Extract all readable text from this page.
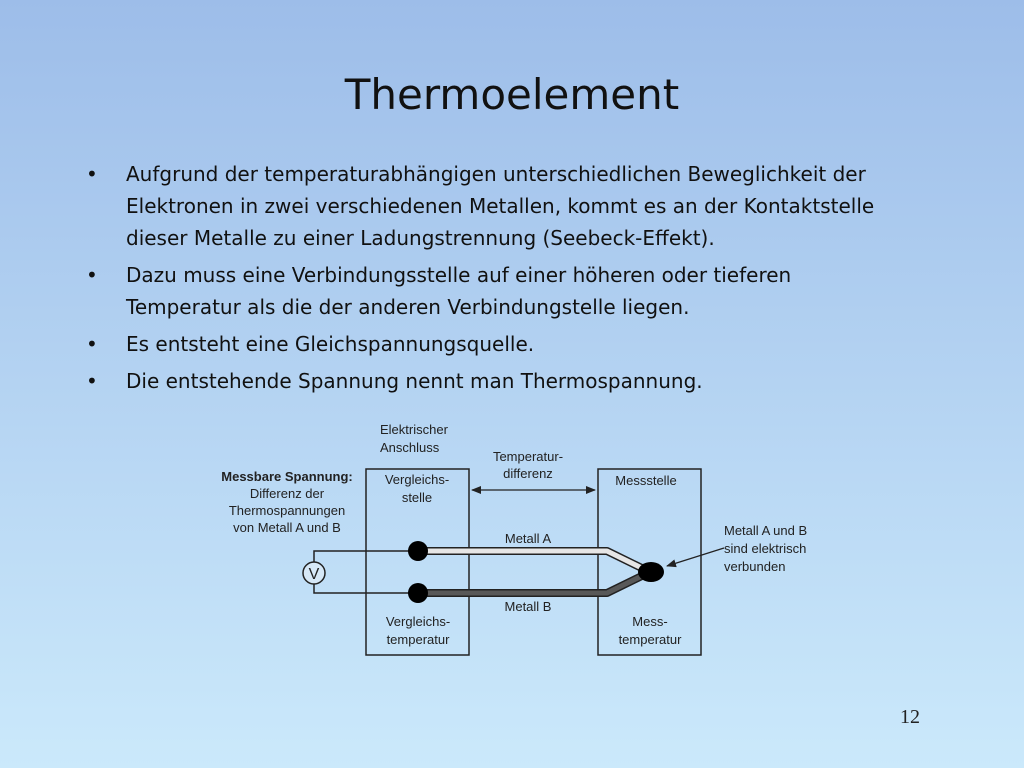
Thermoelement
• Aufgrund der temperaturabhängigen unterschiedlichen Beweglichkeit der
Elektronen in zwei verschiedenen Metallen, kommt es an der Kontaktstelle
dieser Metalle zu einer Ladungstrennung (Seebeck-Effekt).
• Dazu muss eine Verbindungsstelle auf einer höheren oder tieferen
Temperatur als die der anderen Verbindungstelle liegen.
• Es entsteht eine Gleichspannungsquelle.
• Die entstehende Spannung nennt man Thermospannung.
Elektrischer
Anschluss
Messbare Spannung:
Differenz der
Thermospannungen
von Metall A und B
Vergleichs-
stelle
Temperatur-
differenz	Messstelle
Metall A
Metall B
Metall A und B
sind elektrisch
verbunden
V
Vergleichs-
temperatur
Mess-
temperatur
12
